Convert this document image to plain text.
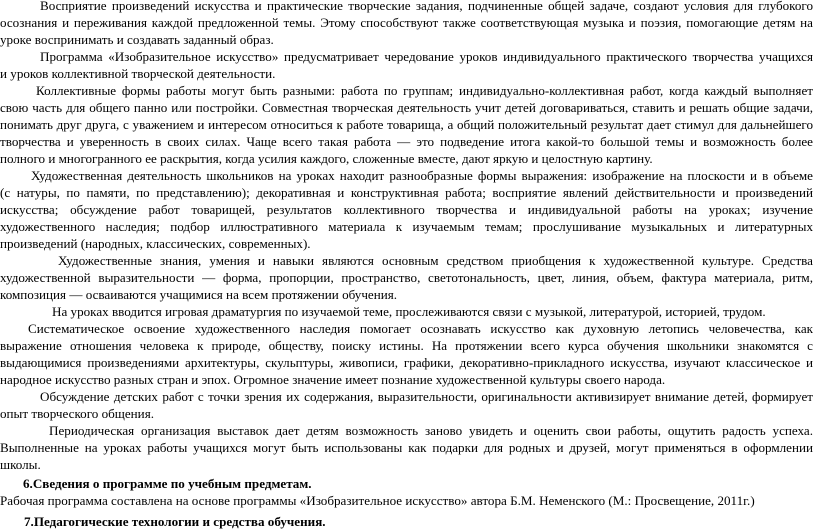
Восприятие произведений искусства и практические творческие задания, подчиненные общей задаче, создают условия для глубокого
осознания и переживания каждой предложенной темы. Этому способствуют также соответствующая музыка и поэзия, помогающие детям на
уроке воспринимать и создавать заданный образ.
Программа «Изобразительное искусство» предусматривает чередование уроков индивидуального практического творчества учащихся
и уроков коллективной творческой деятельности.
Коллективные формы работы могут быть разными: работа по группам; индивидуально-коллективная работ, когда каждый выполняет
свою часть для общего панно или постройки. Совместная творческая деятельность учит детей договариваться, ставить и решать общие задачи,
понимать друг друга, с уважением и интересом относиться к работе товарища, а общий положительный результат дает стимул для дальнейшего
творчества и уверенность в своих силах. Чаще всего такая работа — это подведение итога какой-то большой темы и возможность более
полного и многогранного ее раскрытия, когда усилия каждого, сложенные вместе, дают яркую и целостную картину.
Художественная деятельность школьников на уроках находит разнообразные формы выражения: изображение на плоскости и в объеме
(с натуры, по памяти, по представлению); декоративная и конструктивная работа; восприятие явлений действительности и произведений
искусства; обсуждение работ товарищей, результатов коллективного творчества и индивидуальной работы на уроках; изучение
художественного наследия; подбор иллюстративного материала к изучаемым темам; прослушивание музыкальных и литературных
произведений (народных, классических, современных).
Художественные знания, умения и навыки являются основным средством приобщения к художественной культуре. Средства
художественной выразительности — форма, пропорции, пространство, светотональность, цвет, линия, объем, фактура материала, ритм,
композиция — осваиваются учащимися на всем протяжении обучения.
На уроках вводится игровая драматургия по изучаемой теме, прослеживаются связи с музыкой, литературой, историей, трудом.
Систематическое освоение художественного наследия помогает осознавать искусство как духовную летопись человечества, как
выражение отношения человека к природе, обществу, поиску истины. На протяжении всего курса обучения школьники знакомятся с
выдающимися произведениями архитектуры, скульптуры, живописи, графики, декоративно-прикладного искусства, изучают классическое и
народное искусство разных стран и эпох. Огромное значение имеет познание художественной культуры своего народа.
Обсуждение детских работ с точки зрения их содержания, выразительности, оригинальности активизирует внимание детей, формирует
опыт творческого общения.
Периодическая организация выставок дает детям возможность заново увидеть и оценить свои работы, ощутить радость успеха.
Выполненные на уроках работы учащихся могут быть использованы как подарки для родных и друзей, могут применяться в оформлении
школы.
6.Сведения о программе по учебным предметам.
Рабочая программа составлена на основе программы «Изобразительное искусство» автора Б.М. Неменского (М.: Просвещение, 2011г.)
7.Педагогические технологии и средства обучения.
